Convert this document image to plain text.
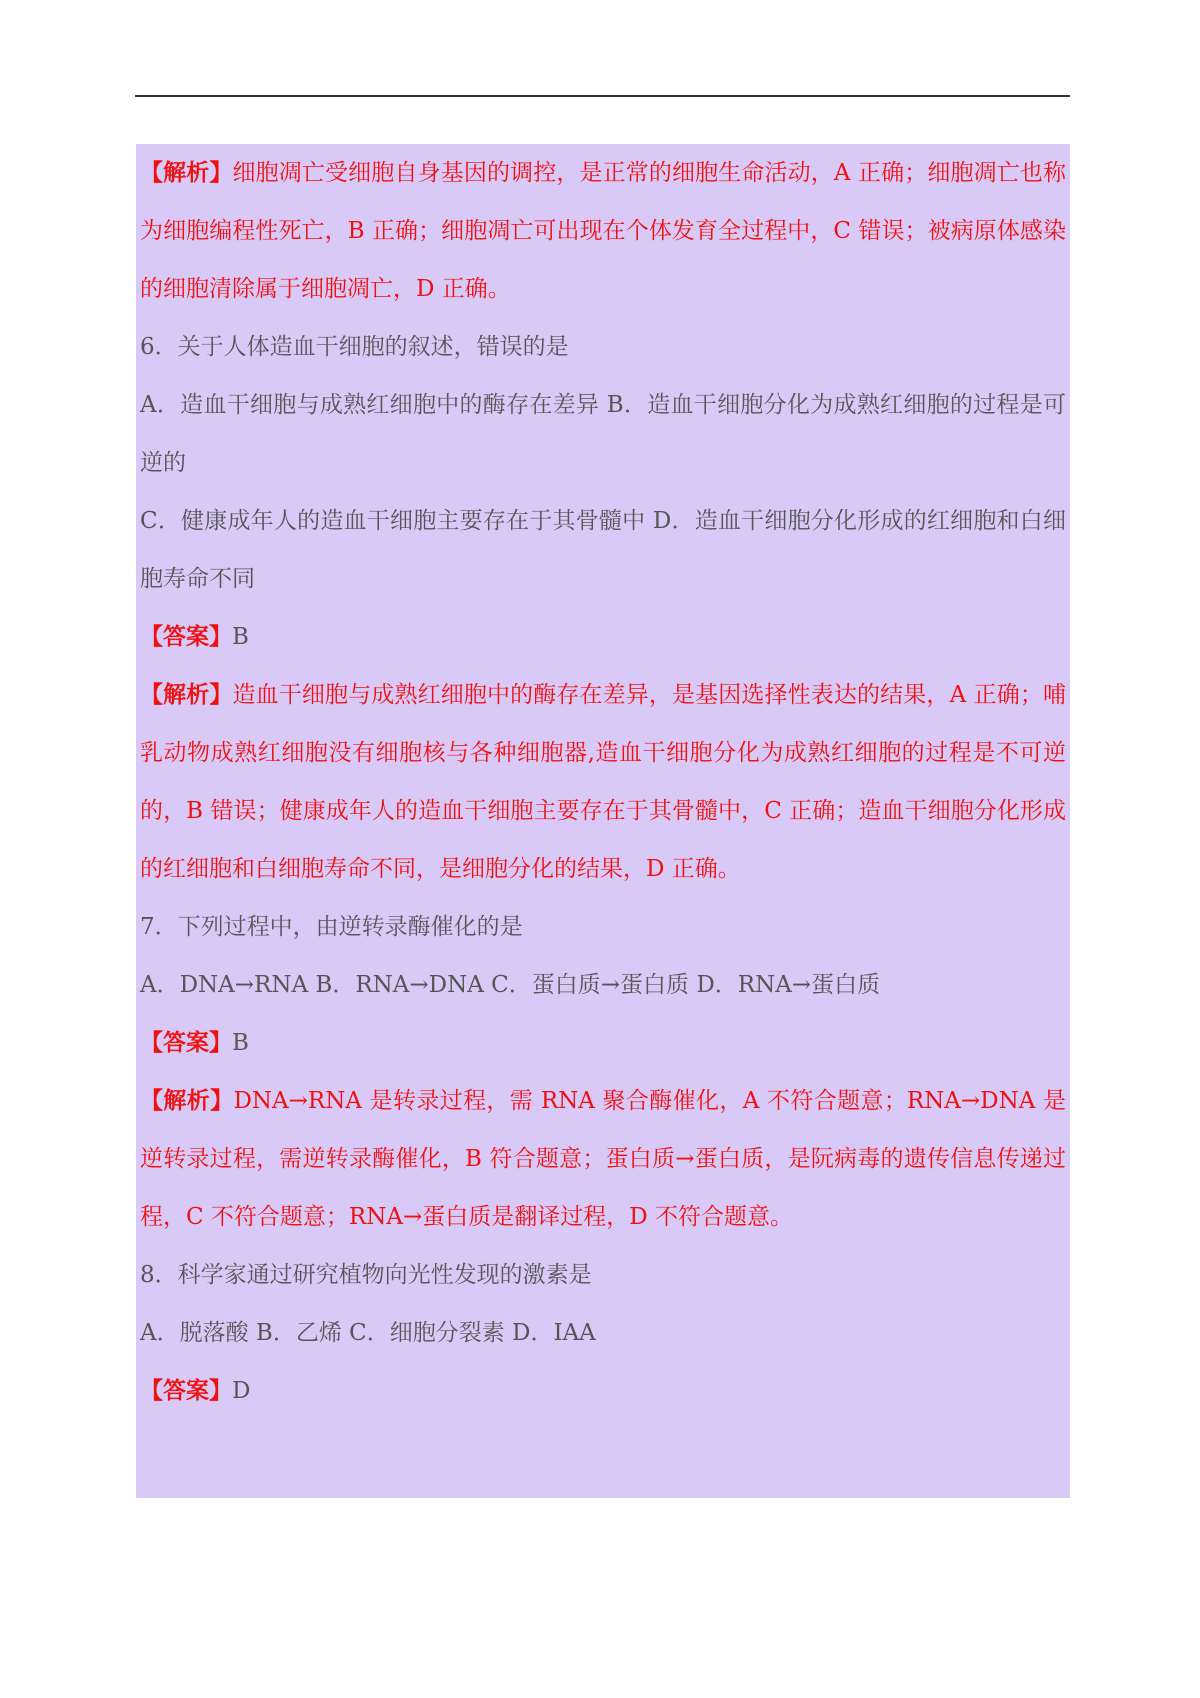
【解析】细胞凋亡受细胞自身基因的调控，是正常的细胞生命活动，A 正确；细胞凋亡也称为细胞编程性死亡，B 正确；细胞凋亡可出现在个体发育全过程中，C 错误；被病原体感染的细胞清除属于细胞凋亡，D 正确。

6．关于人体造血干细胞的叙述，错误的是

A．造血干细胞与成熟红细胞中的酶存在差异 B．造血干细胞分化为成熟红细胞的过程是可逆的

C．健康成年人的造血干细胞主要存在于其骨髓中 D．造血干细胞分化形成的红细胞和白细胞寿命不同

【答案】B

【解析】造血干细胞与成熟红细胞中的酶存在差异，是基因选择性表达的结果，A 正确；哺乳动物成熟红细胞没有细胞核与各种细胞器,造血干细胞分化为成熟红细胞的过程是不可逆的，B 错误；健康成年人的造血干细胞主要存在于其骨髓中，C 正确；造血干细胞分化形成的红细胞和白细胞寿命不同，是细胞分化的结果，D 正确。

7．下列过程中，由逆转录酶催化的是

A．DNA→RNA B．RNA→DNA C．蛋白质→蛋白质 D．RNA→蛋白质

【答案】B

【解析】DNA→RNA 是转录过程，需 RNA 聚合酶催化，A 不符合题意；RNA→DNA 是逆转录过程，需逆转录酶催化，B 符合题意；蛋白质→蛋白质，是阮病毒的遗传信息传递过程，C 不符合题意；RNA→蛋白质是翻译过程，D 不符合题意。

8．科学家通过研究植物向光性发现的激素是

A．脱落酸 B．乙烯 C．细胞分裂素 D．IAA

【答案】D
